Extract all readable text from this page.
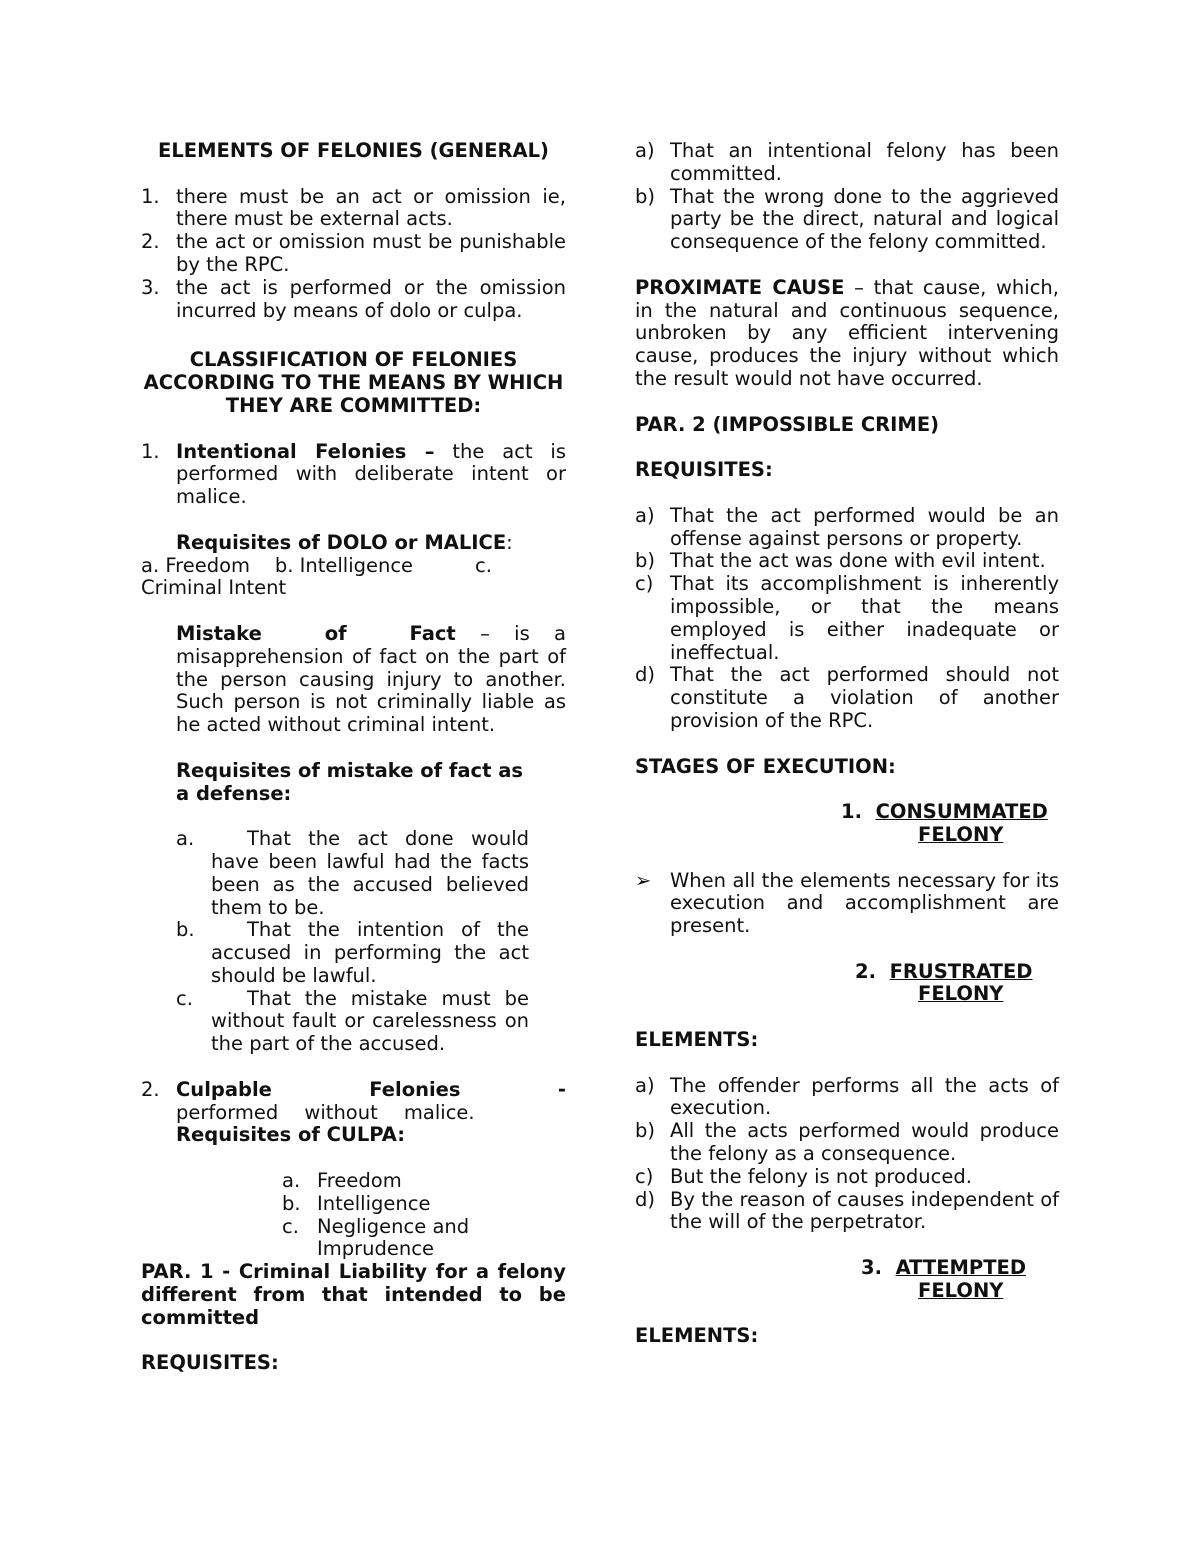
ELEMENTS OF FELONIES (GENERAL)

1. there must be an act or omission ie, there must be external acts.
2. the act or omission must be punishable by the RPC.
3. the act is performed or the omission incurred by means of dolo or culpa.

CLASSIFICATION OF FELONIES

ACCORDING TO THE MEANS BY WHICH

THEY ARE COMMITTED:

1. Intentional Felonies – the act is performed with deliberate intent or malice.

Requisites of DOLO or MALICE:

a. Freedom    b. Intelligence          c.

Criminal Intent

Mistake of Fact – is a misapprehension of fact on the part of the person causing injury to another. Such person is not criminally liable as he acted without criminal intent.

Requisites of mistake of fact as

a defense:

a.	That the act done would have been lawful had the facts been as the accused believed them to be.
b.	That the intention of the accused in performing the act should be lawful.
c.	That the mistake must be without fault or carelessness on the part of the accused.
2. Culpable Felonies - performed without malice.

Requisites of CULPA:

a. Freedom
b. Intelligence
c. Negligence and Imprudence

PAR. 1 - Criminal Liability for a felony different from that intended to be committed

REQUISITES:

a) That an intentional felony has been committed.
b) That the wrong done to the aggrieved party be the direct, natural and logical consequence of the felony committed.

PROXIMATE CAUSE – that cause, which, in the natural and continuous sequence, unbroken by any efficient intervening cause, produces the injury without which the result would not have occurred.

PAR. 2 (IMPOSSIBLE CRIME)

REQUISITES:

a) That the act performed would be an offense against persons or property.
b) That the act was done with evil intent.
c) That its accomplishment is inherently impossible, or that the means employed is either inadequate or ineffectual.
d) That the act performed should not constitute a violation of another provision of the RPC.

STAGES OF EXECUTION:

1. CONSUMMATED

FELONY

➢ When all the elements necessary for its execution and accomplishment are present.

2. FRUSTRATED

FELONY

ELEMENTS:

a) The offender performs all the acts of execution.
b) All the acts performed would produce the felony as a consequence.
c) But the felony is not produced.
d) By the reason of causes independent of the will of the perpetrator.

3. ATTEMPTED

FELONY

ELEMENTS:
